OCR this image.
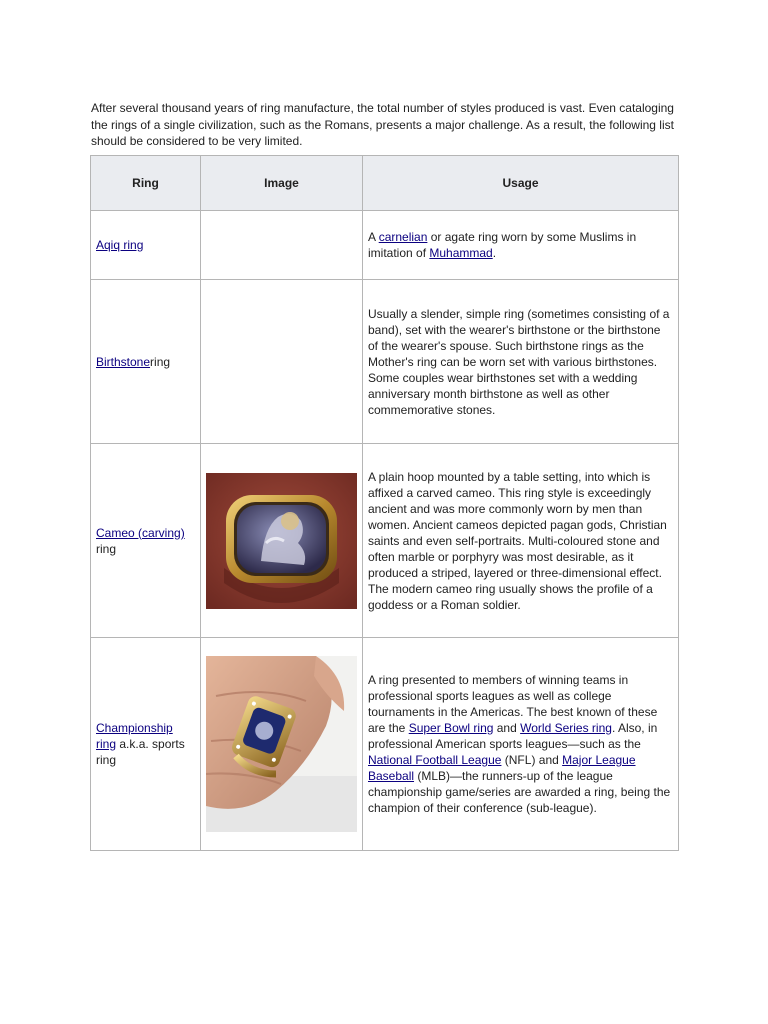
After several thousand years of ring manufacture, the total number of styles produced is vast. Even cataloging the rings of a single civilization, such as the Romans, presents a major challenge. As a result, the following list should be considered to be very limited.

Ring	Image	Usage
Aqiq ring		A carnelian or agate ring worn by some Muslims in imitation of Muhammad.
Birthstonering		Usually a slender, simple ring (sometimes consisting of a band), set with the wearer's birthstone or the birthstone of the wearer's spouse. Such birthstone rings as the Mother's ring can be worn set with various birthstones. Some couples wear birthstones set with a wedding anniversary month birthstone as well as other commemorative stones.
Cameo (carving) ring		A plain hoop mounted by a table setting, into which is affixed a carved cameo. This ring style is exceedingly ancient and was more commonly worn by men than women. Ancient cameos depicted pagan gods, Christian saints and even self-portraits. Multi-coloured stone and often marble or porphyry was most desirable, as it produced a striped, layered or three-dimensional effect. The modern cameo ring usually shows the profile of a goddess or a Roman soldier.
Championship ring a.k.a. sports ring		A ring presented to members of winning teams in professional sports leagues as well as college tournaments in the Americas. The best known of these are the Super Bowl ring and World Series ring. Also, in professional American sports leagues—such as the National Football League (NFL) and Major League Baseball (MLB)—the runners-up of the league championship game/series are awarded a ring, being the champion of their conference (sub-league).
